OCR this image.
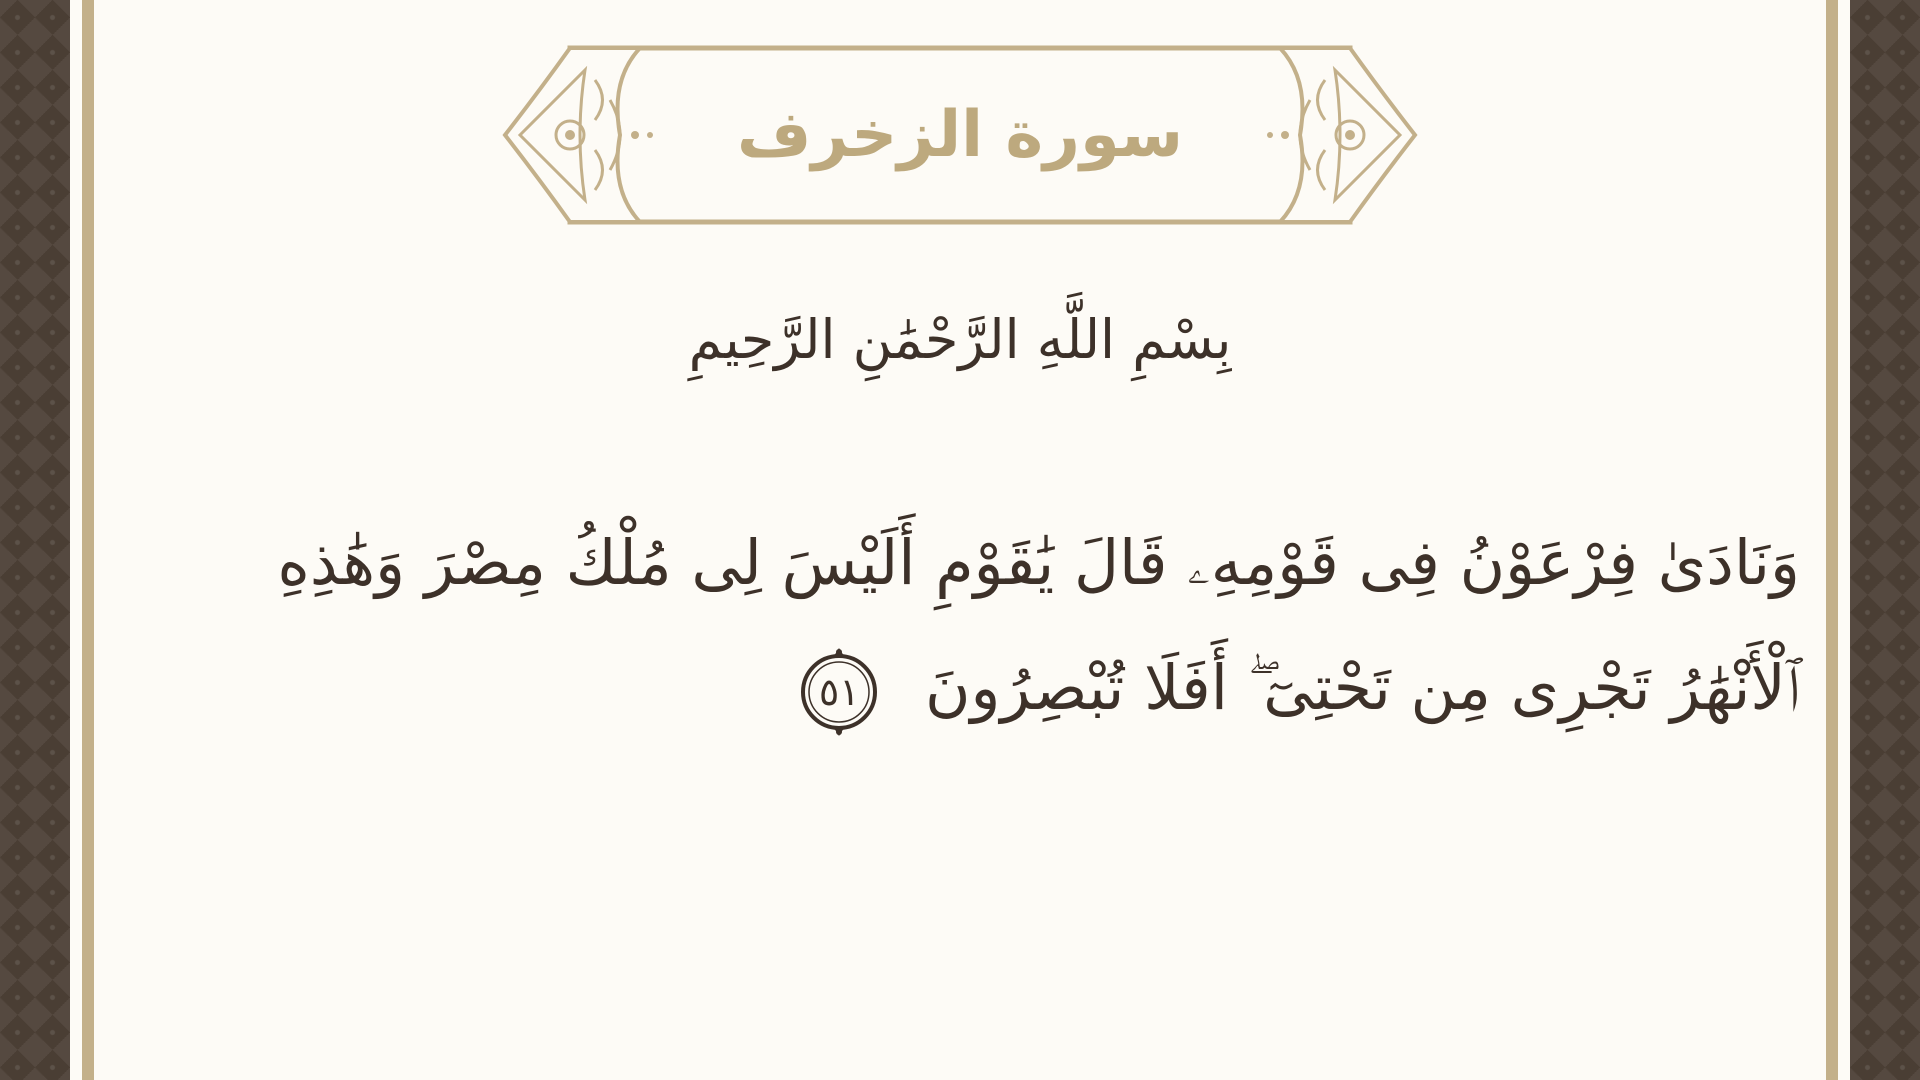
سورة الزخرف
بِسْمِ اللَّهِ الرَّحْمَٰنِ الرَّحِيمِ
وَنَادَىٰ فِرْعَوْنُ فِى قَوْمِهِۦ قَالَ يَٰقَوْمِ أَلَيْسَ لِى مُلْكُ مِصْرَ وَهَٰذِهِ ٱلْأَنْهَٰرُ تَجْرِى مِن تَحْتِىٓ ۖ أَفَلَا تُبْصِرُونَ
٥١
